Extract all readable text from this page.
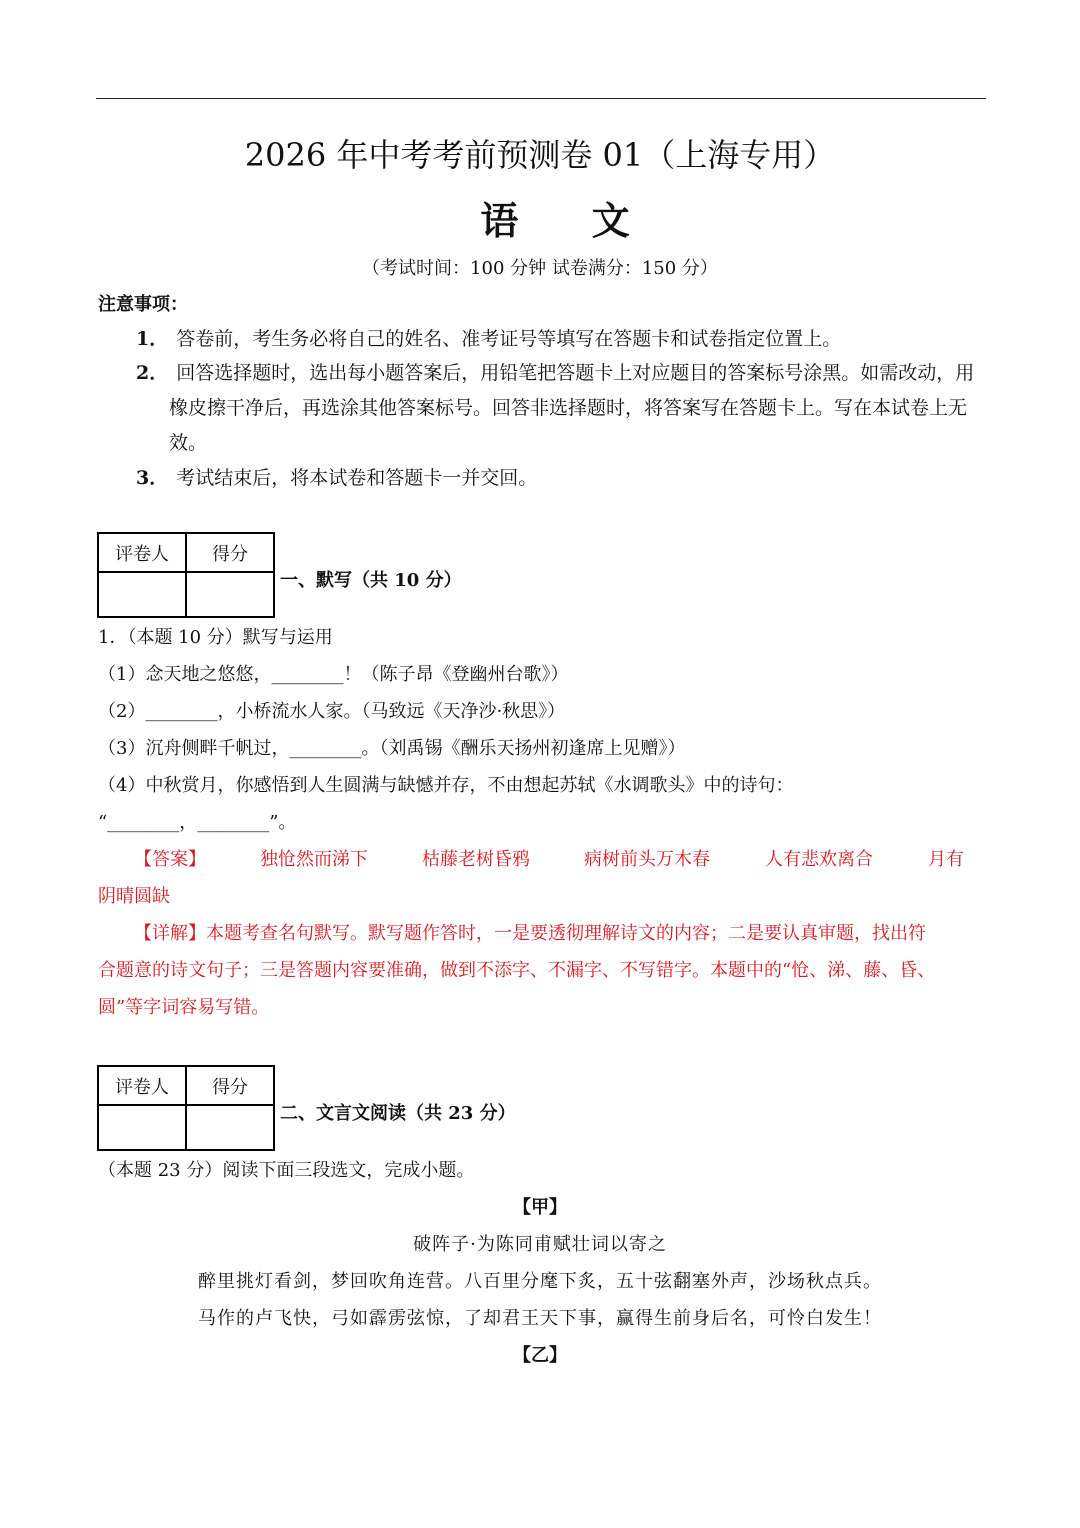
2026 年中考考前预测卷 01（上海专用）
语 文
（考试时间：100 分钟 试卷满分：150 分）
注意事项：
1． 答卷前，考生务必将自己的姓名、准考证号等填写在答题卡和试卷指定位置上。
2． 回答选择题时，选出每小题答案后，用铅笔把答题卡上对应题目的答案标号涂黑。如需改动，用
橡皮擦干净后，再选涂其他答案标号。回答非选择题时，将答案写在答题卡上。写在本试卷上无
效。
3． 考试结束后，将本试卷和答题卡一并交回。
评卷人	得分

一、默写（共 10 分）
1．（本题 10 分）默写与运用
（1）念天地之悠悠，________！（陈子昂《登幽州台歌》）
（2）________，小桥流水人家。（马致远《天净沙·秋思》）
（3）沉舟侧畔千帆过，________。（刘禹锡《酬乐天扬州初逢席上见赠》）
（4）中秋赏月，你感悟到人生圆满与缺憾并存，不由想起苏轼《水调歌头》中的诗句：
“________，________”。
【答案】	独怆然而涕下	枯藤老树昏鸦	病树前头万木春	人有悲欢离合	月有
阴晴圆缺
【详解】本题考查名句默写。默写题作答时，一是要透彻理解诗文的内容；二是要认真审题，找出符
合题意的诗文句子；三是答题内容要准确，做到不添字、不漏字、不写错字。本题中的“怆、涕、藤、昏、
圆”等字词容易写错。
评卷人	得分

二、文言文阅读（共 23 分）
（本题 23 分）阅读下面三段选文，完成小题。
【甲】
破阵子·为陈同甫赋壮词以寄之
醉里挑灯看剑，梦回吹角连营。八百里分麾下炙，五十弦翻塞外声，沙场秋点兵。
马作的卢飞快，弓如霹雳弦惊，了却君王天下事，赢得生前身后名，可怜白发生！
【乙】
